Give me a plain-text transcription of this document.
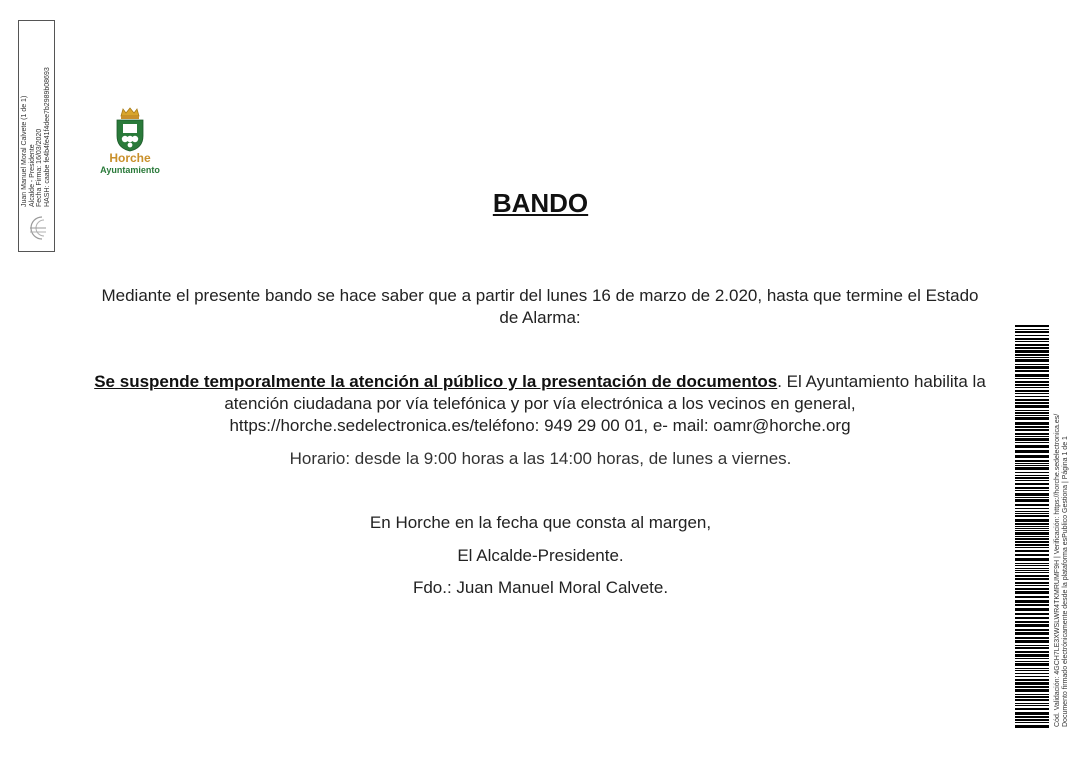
Juan Manuel Moral Calvete (1 de 1) Alcalde - Presidente Fecha Firma: 16/03/2020 HASH: caabe fe4b4fe41f4dee7b2989b08693	Horche
Ayuntamiento
BANDO
Mediante el presente bando se hace saber que a partir del lunes 16 de marzo de 2.020, hasta que termine el Estado de Alarma:
Se suspende temporalmente la atención al público y la presentación de documentos. El Ayuntamiento habilita la atención ciudadana por vía telefónica y por vía electrónica a los vecinos en general,
https://horche.sedelectronica.es/teléfono: 949 29 00 01, e- mail: oamr@horche.org
Horario: desde la 9:00 horas a las 14:00 horas, de lunes a viernes.
En Horche en la fecha que consta al margen,
El Alcalde-Presidente.
Fdo.: Juan Manuel Moral Calvete.	Cód. Validación: 4GCH7LE3XWSLWR4TKMRUMF9H | Verificación: https://horche.sedelectronica.es/ Documento firmado electrónicamente desde la plataforma esPublico Gestiona | Página 1 de 1
